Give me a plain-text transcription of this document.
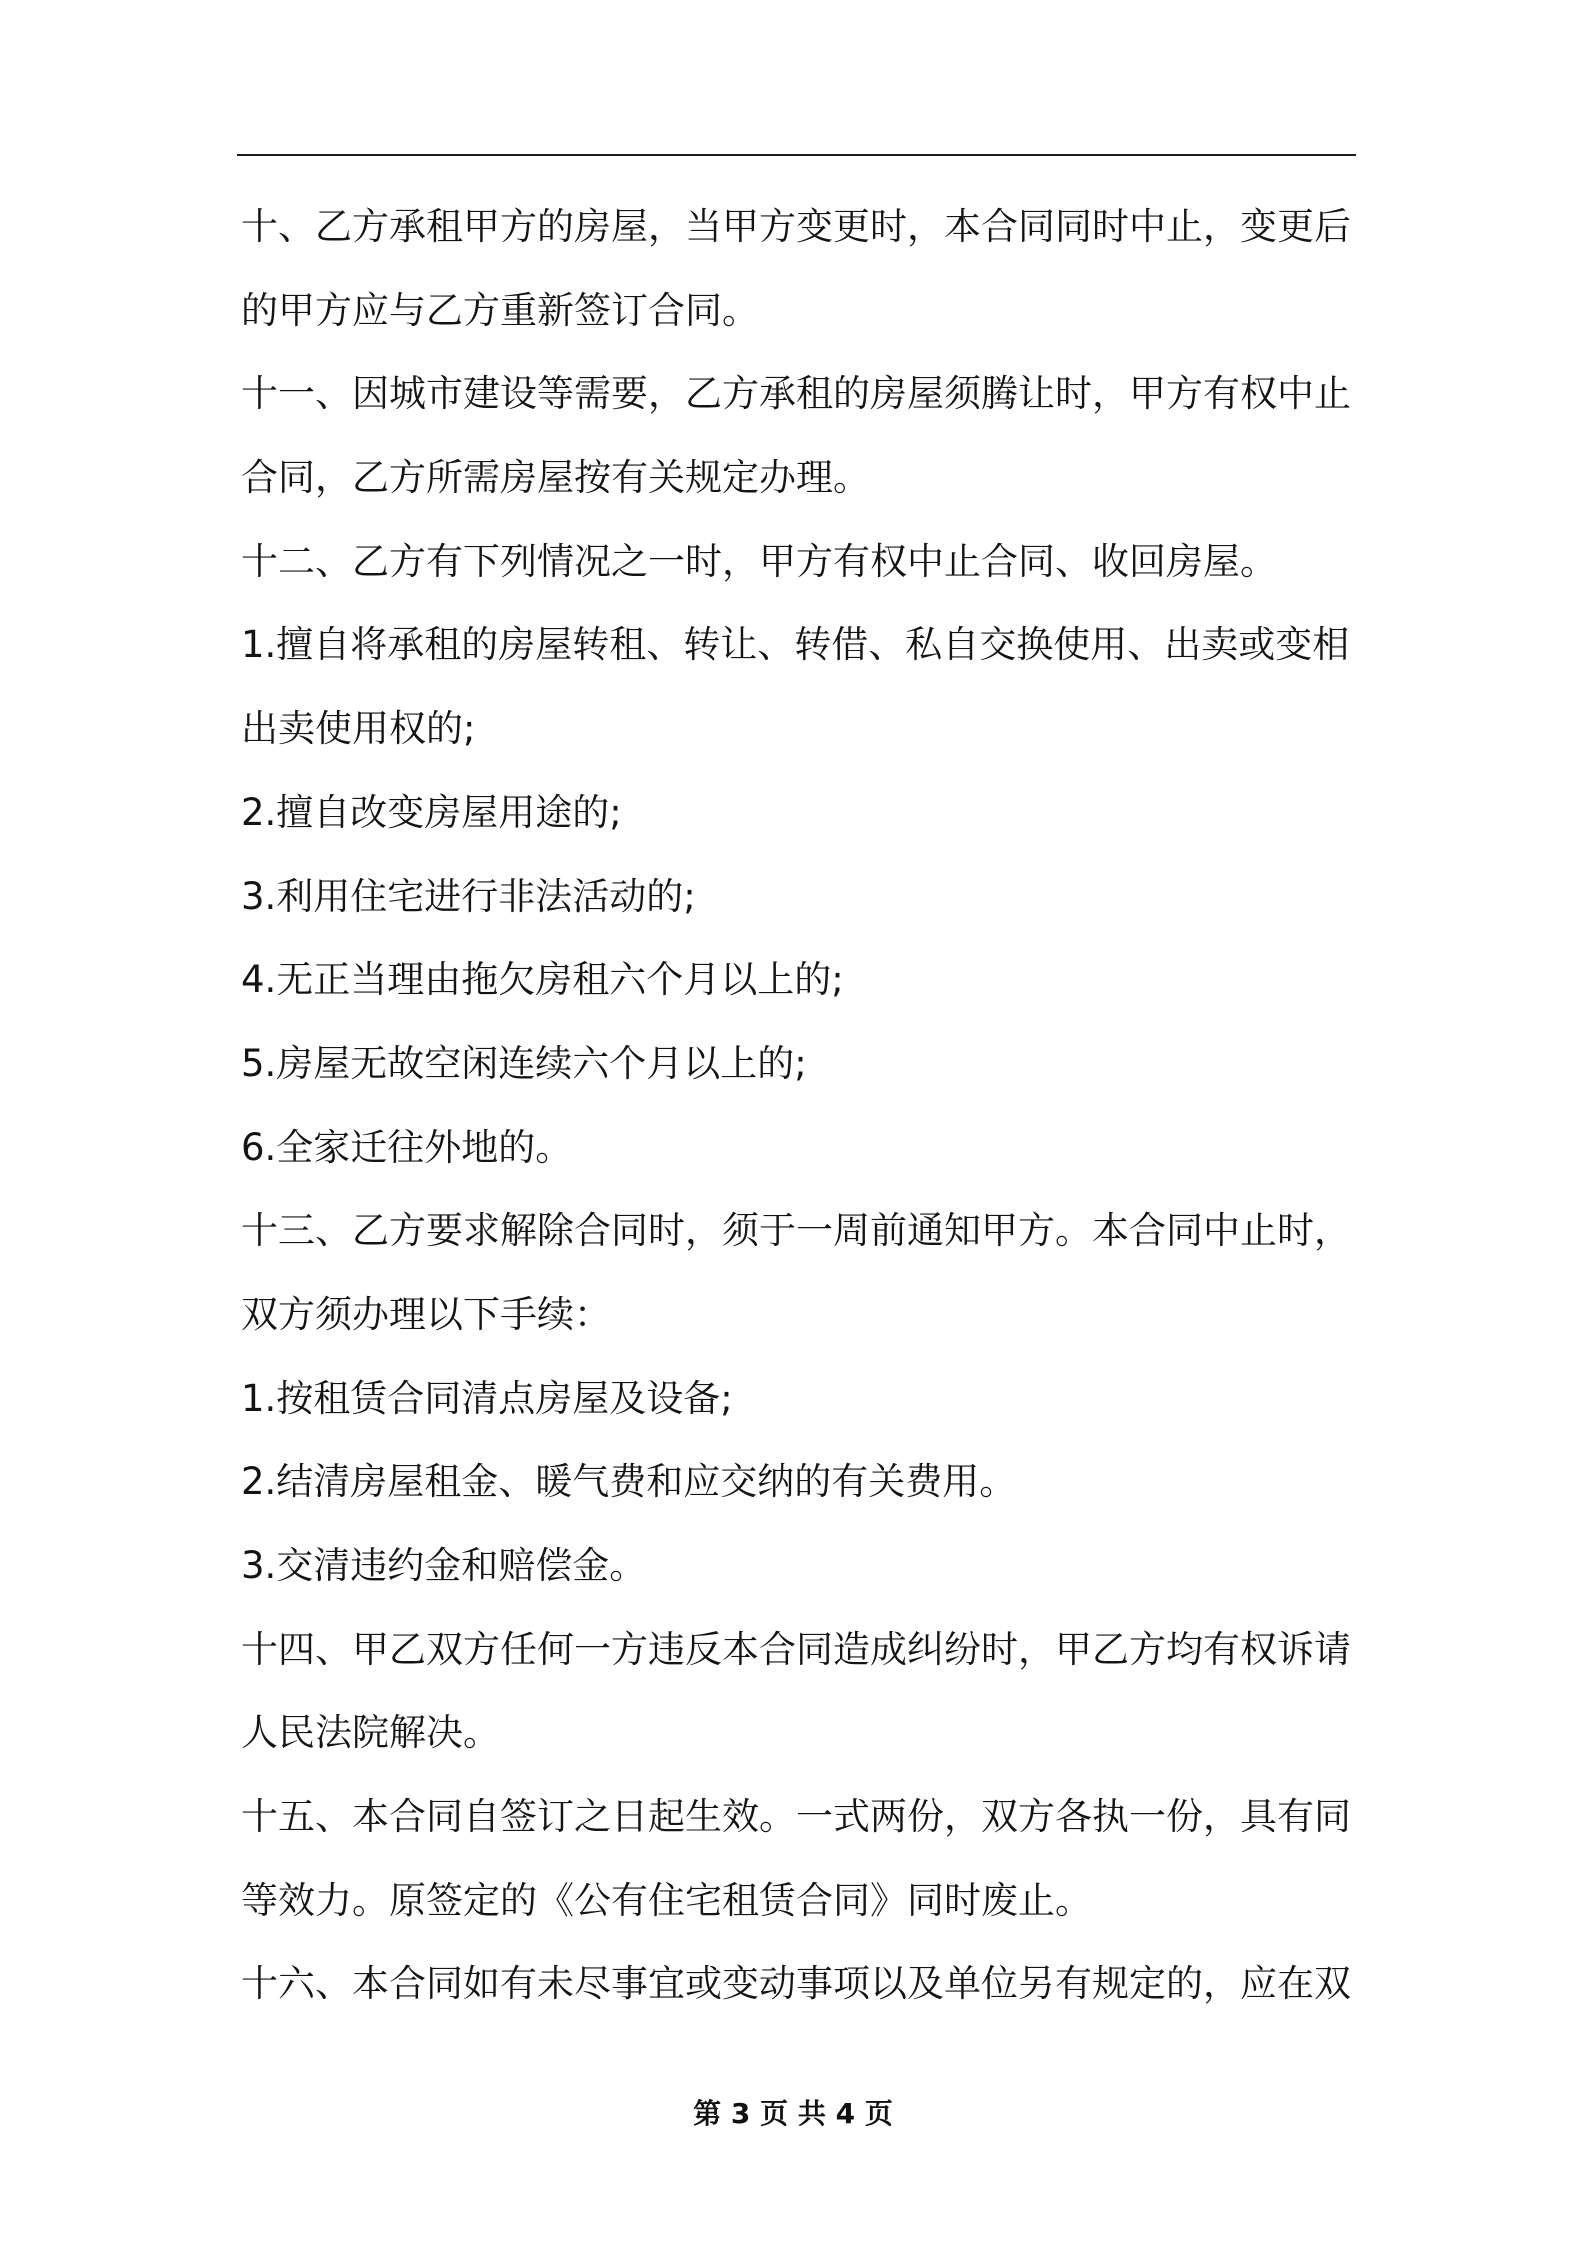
十、乙方承租甲方的房屋，当甲方变更时，本合同同时中止，变更后
的甲方应与乙方重新签订合同。
十一、因城市建设等需要，乙方承租的房屋须腾让时，甲方有权中止
合同，乙方所需房屋按有关规定办理。
十二、乙方有下列情况之一时，甲方有权中止合同、收回房屋。
1.擅自将承租的房屋转租、转让、转借、私自交换使用、出卖或变相
出卖使用权的;
2.擅自改变房屋用途的;
3.利用住宅进行非法活动的;
4.无正当理由拖欠房租六个月以上的;
5.房屋无故空闲连续六个月以上的;
6.全家迁往外地的。
十三、乙方要求解除合同时，须于一周前通知甲方。本合同中止时，
双方须办理以下手续：
1.按租赁合同清点房屋及设备;
2.结清房屋租金、暖气费和应交纳的有关费用。
3.交清违约金和赔偿金。
十四、甲乙双方任何一方违反本合同造成纠纷时，甲乙方均有权诉请
人民法院解决。
十五、本合同自签订之日起生效。一式两份，双方各执一份，具有同
等效力。原签定的《公有住宅租赁合同》同时废止。
十六、本合同如有未尽事宜或变动事项以及单位另有规定的，应在双
第 3 页 共 4 页
